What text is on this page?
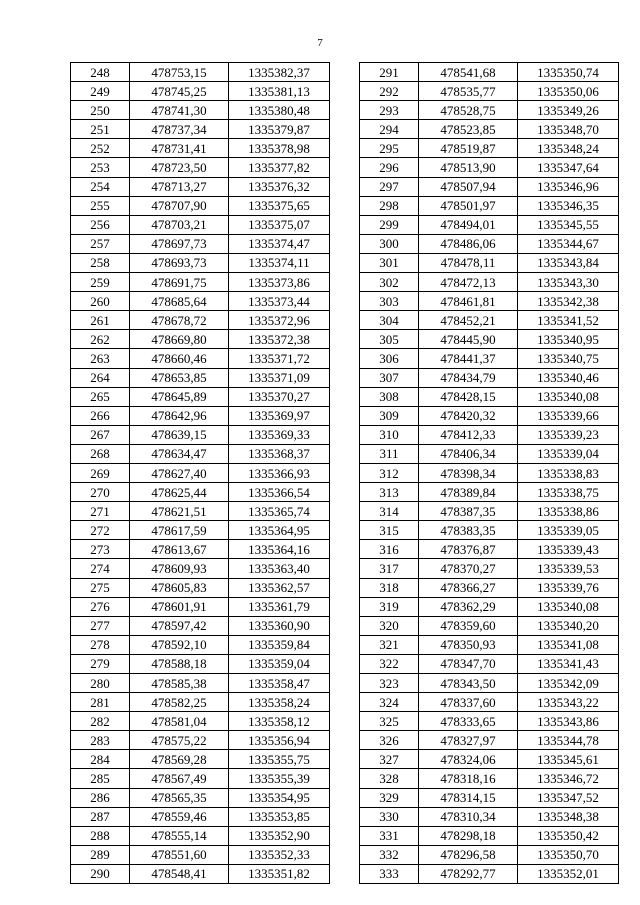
7
248	478753,15	1335382,37
249	478745,25	1335381,13
250	478741,30	1335380,48
251	478737,34	1335379,87
252	478731,41	1335378,98
253	478723,50	1335377,82
254	478713,27	1335376,32
255	478707,90	1335375,65
256	478703,21	1335375,07
257	478697,73	1335374,47
258	478693,73	1335374,11
259	478691,75	1335373,86
260	478685,64	1335373,44
261	478678,72	1335372,96
262	478669,80	1335372,38
263	478660,46	1335371,72
264	478653,85	1335371,09
265	478645,89	1335370,27
266	478642,96	1335369,97
267	478639,15	1335369,33
268	478634,47	1335368,37
269	478627,40	1335366,93
270	478625,44	1335366,54
271	478621,51	1335365,74
272	478617,59	1335364,95
273	478613,67	1335364,16
274	478609,93	1335363,40
275	478605,83	1335362,57
276	478601,91	1335361,79
277	478597,42	1335360,90
278	478592,10	1335359,84
279	478588,18	1335359,04
280	478585,38	1335358,47
281	478582,25	1335358,24
282	478581,04	1335358,12
283	478575,22	1335356,94
284	478569,28	1335355,75
285	478567,49	1335355,39
286	478565,35	1335354,95
287	478559,46	1335353,85
288	478555,14	1335352,90
289	478551,60	1335352,33
290	478548,41	1335351,82
291	478541,68	1335350,74
292	478535,77	1335350,06
293	478528,75	1335349,26
294	478523,85	1335348,70
295	478519,87	1335348,24
296	478513,90	1335347,64
297	478507,94	1335346,96
298	478501,97	1335346,35
299	478494,01	1335345,55
300	478486,06	1335344,67
301	478478,11	1335343,84
302	478472,13	1335343,30
303	478461,81	1335342,38
304	478452,21	1335341,52
305	478445,90	1335340,95
306	478441,37	1335340,75
307	478434,79	1335340,46
308	478428,15	1335340,08
309	478420,32	1335339,66
310	478412,33	1335339,23
311	478406,34	1335339,04
312	478398,34	1335338,83
313	478389,84	1335338,75
314	478387,35	1335338,86
315	478383,35	1335339,05
316	478376,87	1335339,43
317	478370,27	1335339,53
318	478366,27	1335339,76
319	478362,29	1335340,08
320	478359,60	1335340,20
321	478350,93	1335341,08
322	478347,70	1335341,43
323	478343,50	1335342,09
324	478337,60	1335343,22
325	478333,65	1335343,86
326	478327,97	1335344,78
327	478324,06	1335345,61
328	478318,16	1335346,72
329	478314,15	1335347,52
330	478310,34	1335348,38
331	478298,18	1335350,42
332	478296,58	1335350,70
333	478292,77	1335352,01
